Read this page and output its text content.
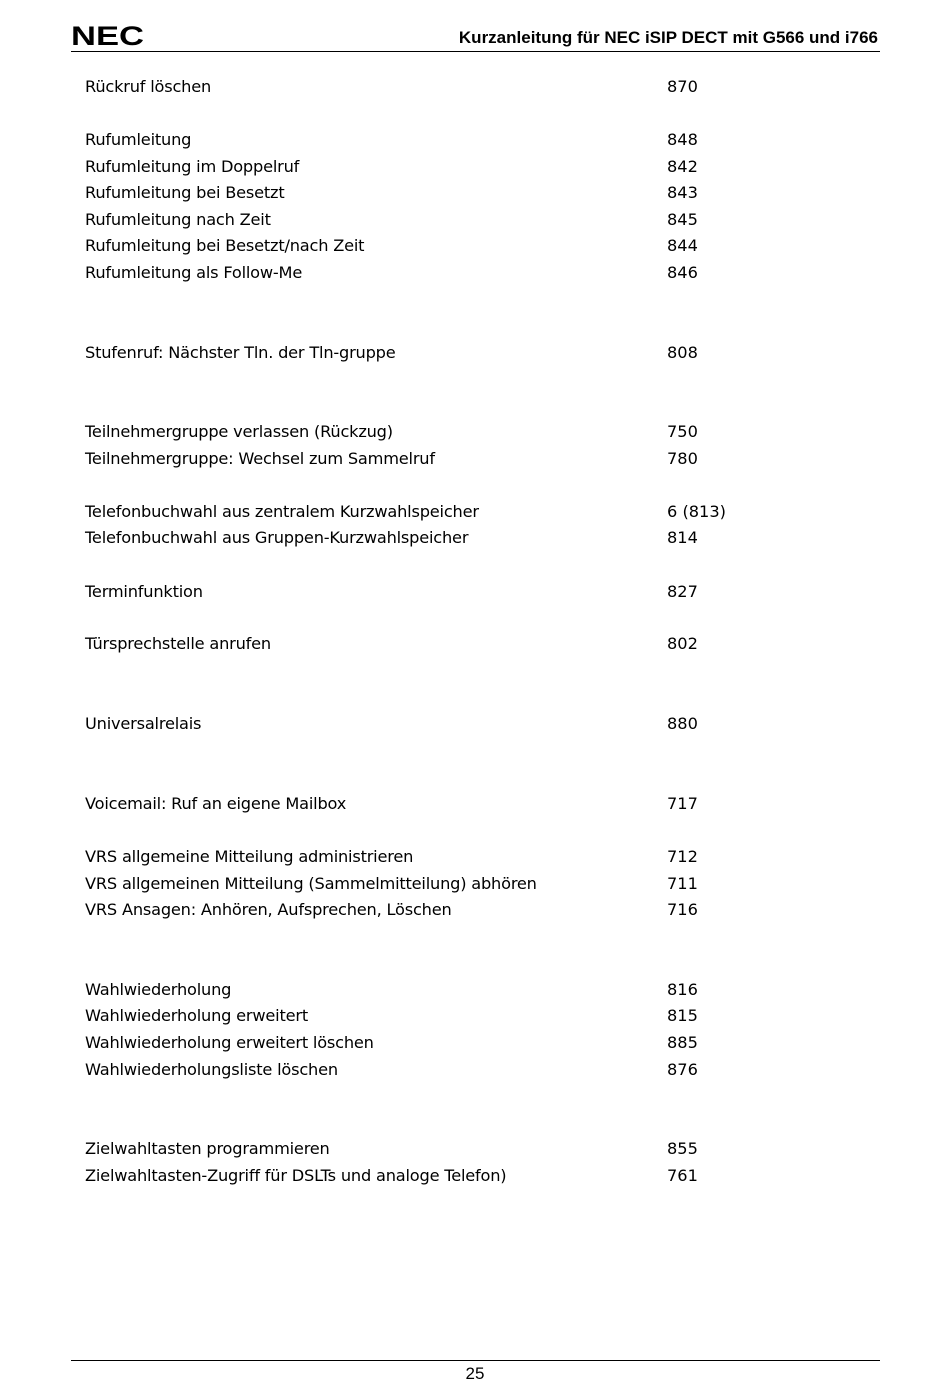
NEC	Kurzanleitung für NEC iSIP DECT mit G566 und i766
Rückruf löschen	870
Rufumleitung	848
Rufumleitung im Doppelruf	842
Rufumleitung bei Besetzt	843
Rufumleitung nach Zeit	845
Rufumleitung bei Besetzt/nach Zeit	844
Rufumleitung als Follow-Me	846
Stufenruf: Nächster Tln. der Tln-gruppe	808
Teilnehmergruppe verlassen (Rückzug)	750
Teilnehmergruppe: Wechsel zum Sammelruf	780
Telefonbuchwahl aus zentralem Kurzwahlspeicher	6 (813)
Telefonbuchwahl aus Gruppen-Kurzwahlspeicher	814
Terminfunktion	827
Türsprechstelle anrufen	802
Universalrelais	880
Voicemail: Ruf an eigene Mailbox	717
VRS allgemeine Mitteilung administrieren	712
VRS allgemeinen Mitteilung (Sammelmitteilung) abhören	711
VRS Ansagen: Anhören, Aufsprechen, Löschen	716
Wahlwiederholung	816
Wahlwiederholung erweitert	815
Wahlwiederholung erweitert löschen	885
Wahlwiederholungsliste löschen	876
Zielwahltasten programmieren	855
Zielwahltasten-Zugriff für DSLTs und analoge Telefon)	761
25
